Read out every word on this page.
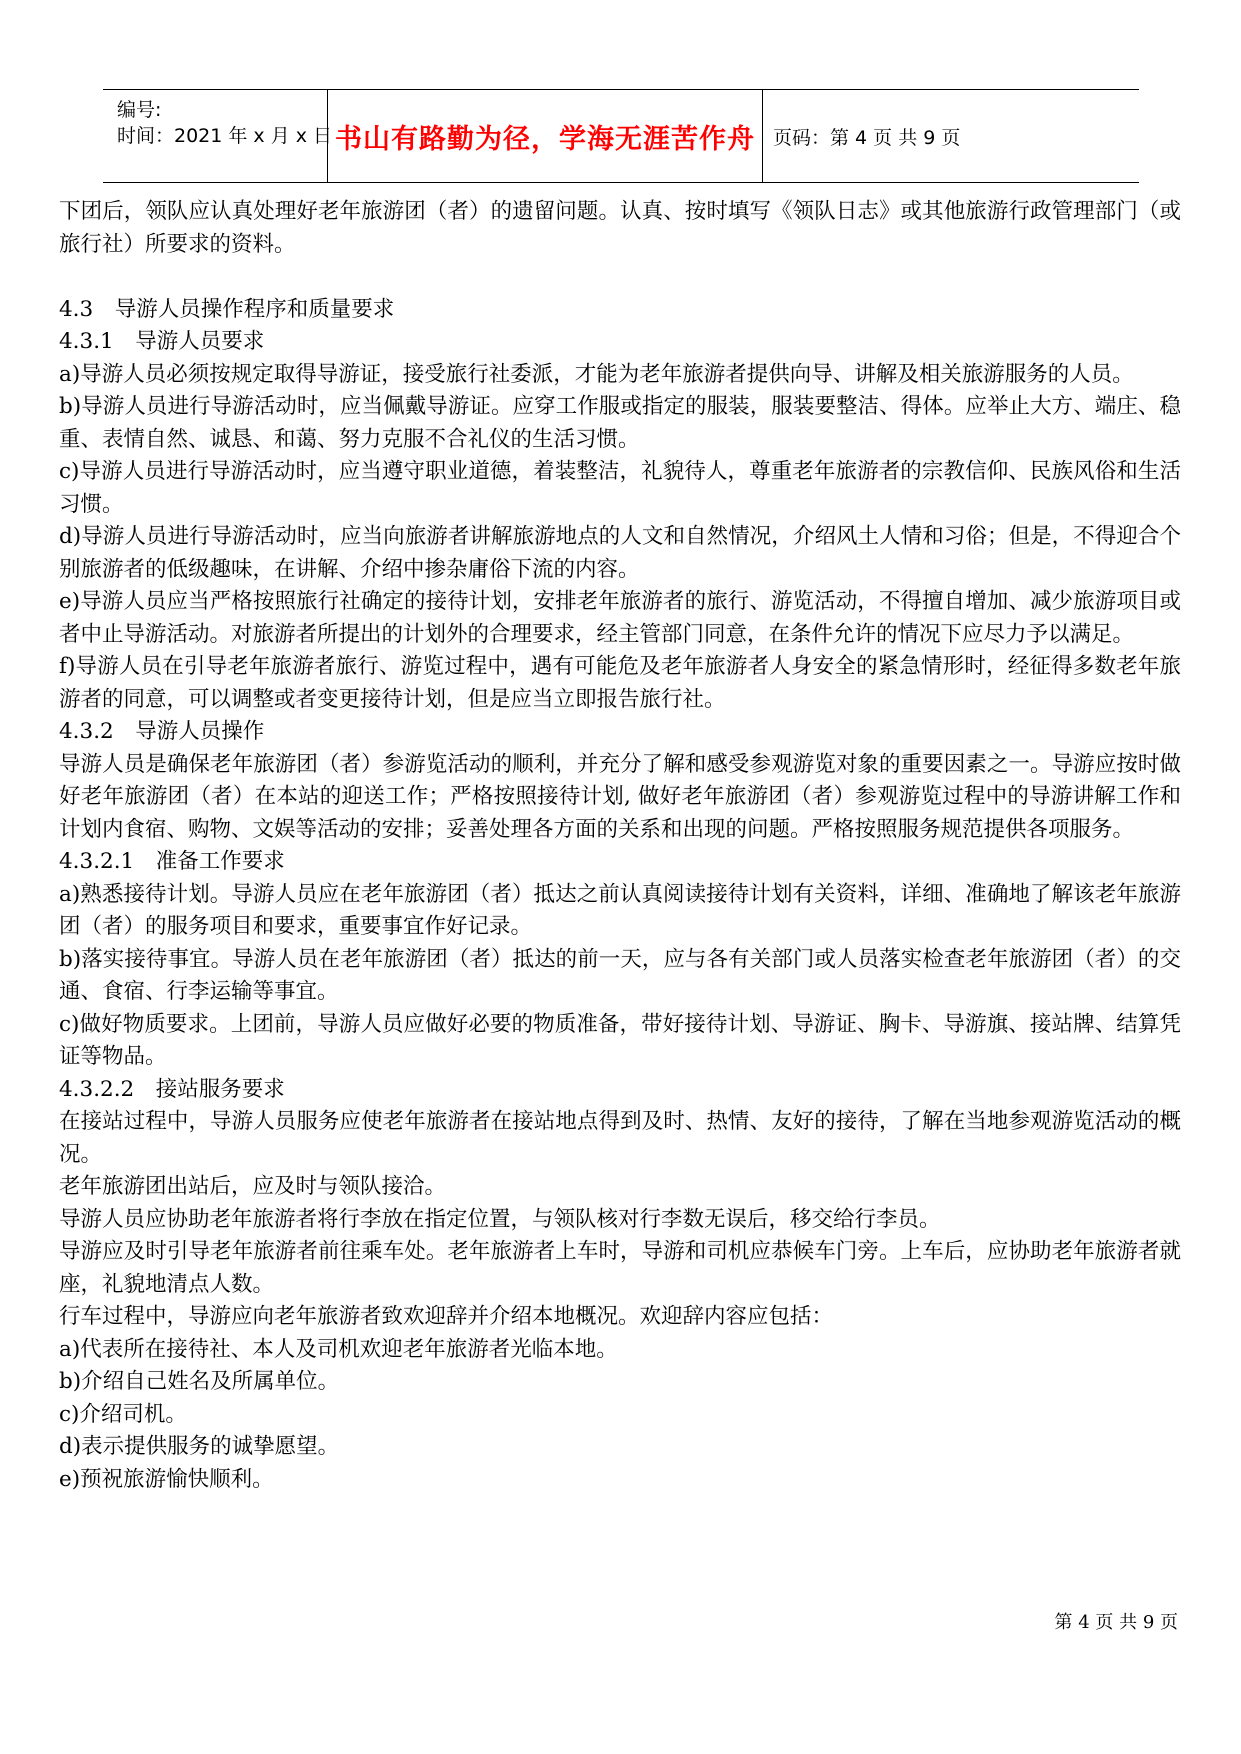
编号:
时间：2021 年 x 月 x 日 书山有路勤为径，学海无涯苦作舟 页码：第 4 页 共 9 页

下团后，领队应认真处理好老年旅游团（者）的遗留问题。认真、按时填写《领队日志》或其他旅游行政管理部门（或旅行社）所要求的资料。

4.3　导游人员操作程序和质量要求

4.3.1　导游人员要求

a)导游人员必须按规定取得导游证，接受旅行社委派，才能为老年旅游者提供向导、讲解及相关旅游服务的人员。

b)导游人员进行导游活动时，应当佩戴导游证。应穿工作服或指定的服装，服装要整洁、得体。应举止大方、端庄、稳重、表情自然、诚恳、和蔼、努力克服不合礼仪的生活习惯。

c)导游人员进行导游活动时，应当遵守职业道德，着装整洁，礼貌待人，尊重老年旅游者的宗教信仰、民族风俗和生活习惯。

d)导游人员进行导游活动时，应当向旅游者讲解旅游地点的人文和自然情况，介绍风土人情和习俗；但是，不得迎合个别旅游者的低级趣味，在讲解、介绍中掺杂庸俗下流的内容。

e)导游人员应当严格按照旅行社确定的接待计划，安排老年旅游者的旅行、游览活动，不得擅自增加、减少旅游项目或者中止导游活动。对旅游者所提出的计划外的合理要求，经主管部门同意，在条件允许的情况下应尽力予以满足。

f)导游人员在引导老年旅游者旅行、游览过程中，遇有可能危及老年旅游者人身安全的紧急情形时，经征得多数老年旅游者的同意，可以调整或者变更接待计划，但是应当立即报告旅行社。

4.3.2　导游人员操作

导游人员是确保老年旅游团（者）参游览活动的顺利，并充分了解和感受参观游览对象的重要因素之一。导游应按时做好老年旅游团（者）在本站的迎送工作；严格按照接待计划, 做好老年旅游团（者）参观游览过程中的导游讲解工作和计划内食宿、购物、文娱等活动的安排；妥善处理各方面的关系和出现的问题。严格按照服务规范提供各项服务。

4.3.2.1　准备工作要求

a)熟悉接待计划。导游人员应在老年旅游团（者）抵达之前认真阅读接待计划有关资料，详细、准确地了解该老年旅游团（者）的服务项目和要求，重要事宜作好记录。

b)落实接待事宜。导游人员在老年旅游团（者）抵达的前一天，应与各有关部门或人员落实检查老年旅游团（者）的交通、食宿、行李运输等事宜。

c)做好物质要求。上团前，导游人员应做好必要的物质准备，带好接待计划、导游证、胸卡、导游旗、接站牌、结算凭证等物品。

4.3.2.2　接站服务要求

在接站过程中，导游人员服务应使老年旅游者在接站地点得到及时、热情、友好的接待，了解在当地参观游览活动的概况。

老年旅游团出站后，应及时与领队接洽。

导游人员应协助老年旅游者将行李放在指定位置，与领队核对行李数无误后，移交给行李员。

导游应及时引导老年旅游者前往乘车处。老年旅游者上车时，导游和司机应恭候车门旁。上车后，应协助老年旅游者就座，礼貌地清点人数。

行车过程中，导游应向老年旅游者致欢迎辞并介绍本地概况。欢迎辞内容应包括：

a)代表所在接待社、本人及司机欢迎老年旅游者光临本地。

b)介绍自己姓名及所属单位。

c)介绍司机。

d)表示提供服务的诚挚愿望。

e)预祝旅游愉快顺利。

第 4 页 共 9 页
